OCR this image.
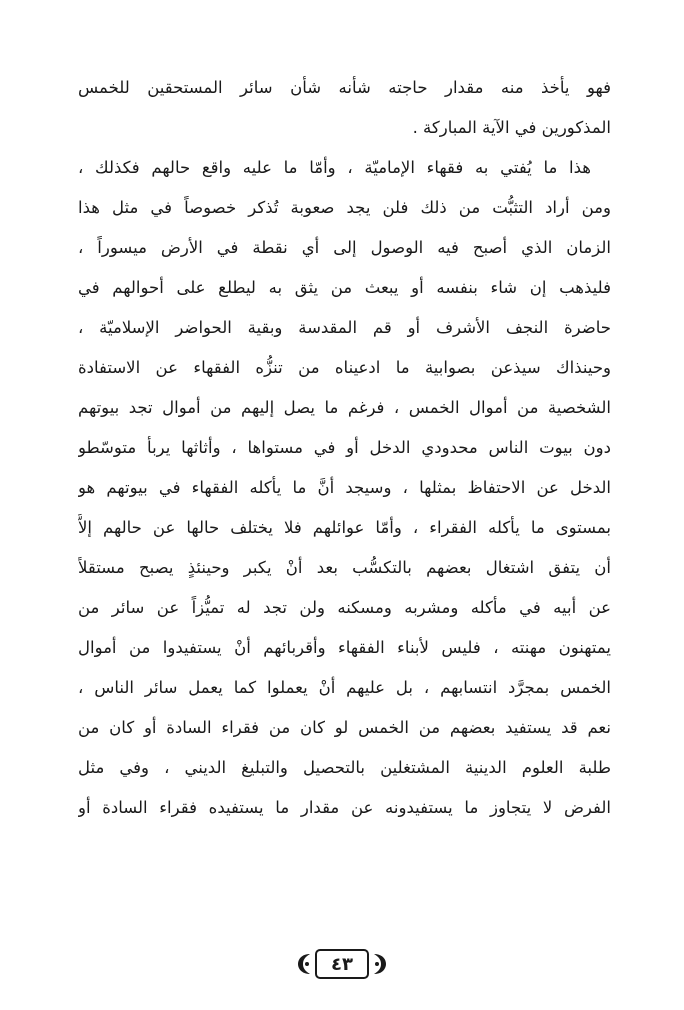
فهو يأخذ منه مقدار حاجته شأنه شأن سائر المستحقين للخمس
المذكورين في الآية المباركة .
هذا ما يُفتي به فقهاء الإماميّة ، وأمّا ما عليه واقع حالهم فكذلك ،
ومن أراد التثبُّت من ذلك فلن يجد صعوبة تُذكر خصوصاً في مثل هذا
الزمان الذي أصبح فيه الوصول إلى أي نقطة في الأرض ميسوراً ،
فليذهب إن شاء بنفسه أو يبعث من يثق به ليطلع على أحوالهم في
حاضرة النجف الأشرف أو قم المقدسة وبقية الحواضر الإسلاميّة ،
وحينذاك سيذعن بصوابية ما ادعيناه من تنزُّه الفقهاء عن الاستفادة
الشخصية من أموال الخمس ، فرغم ما يصل إليهم من أموال تجد بيوتهم
دون بيوت الناس محدودي الدخل أو في مستواها ، وأثاثها يربأ متوسّطو
الدخل عن الاحتفاظ بمثلها ، وسيجد أنَّ ما يأكله الفقهاء في بيوتهم هو
بمستوى ما يأكله الفقراء ، وأمّا عوائلهم فلا يختلف حالها عن حالهم إلاَّ
أن يتفق اشتغال بعضهم بالتكسُّب بعد أنْ يكبر وحينئذٍ يصبح مستقلاً
عن أبيه في مأكله ومشربه ومسكنه ولن تجد له تميُّزاً عن سائر من
يمتهنون مهنته ، فليس لأبناء الفقهاء وأقربائهم أنْ يستفيدوا من أموال
الخمس بمجرَّد انتسابهم ، بل عليهم أنْ يعملوا كما يعمل سائر الناس ،
نعم قد يستفيد بعضهم من الخمس لو كان من فقراء السادة أو كان من
طلبة العلوم الدينية المشتغلين بالتحصيل والتبليغ الديني ، وفي مثل
الفرض لا يتجاوز ما يستفيدونه عن مقدار ما يستفيده فقراء السادة أو
٤٣
